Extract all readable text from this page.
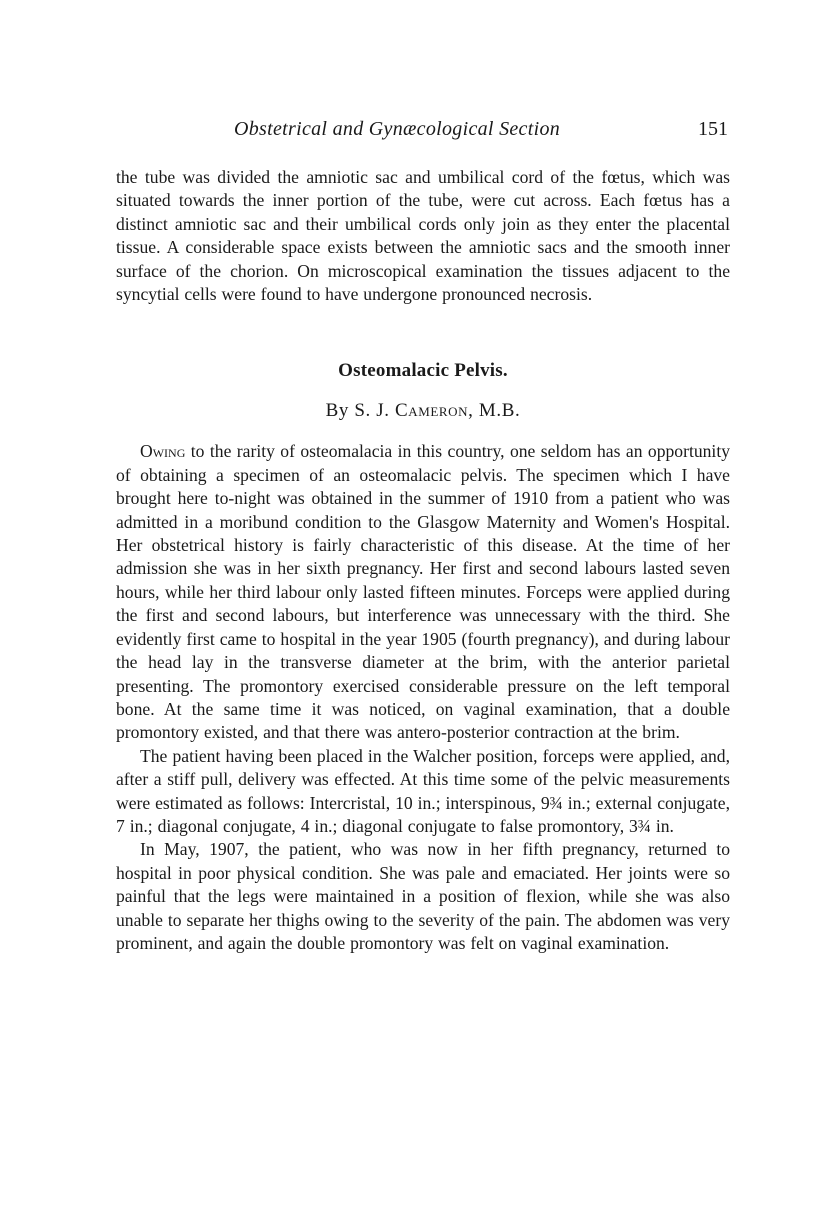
Obstetrical and Gynæcological Section	151

the tube was divided the amniotic sac and umbilical cord of the fœtus, which was situated towards the inner portion of the tube, were cut across. Each fœtus has a distinct amniotic sac and their umbilical cords only join as they enter the placental tissue. A considerable space exists between the amniotic sacs and the smooth inner surface of the chorion. On microscopical examination the tissues adjacent to the syncytial cells were found to have undergone pronounced necrosis.

Osteomalacic Pelvis.
By S. J. Cameron, M.B.

Owing to the rarity of osteomalacia in this country, one seldom has an opportunity of obtaining a specimen of an osteomalacic pelvis. The specimen which I have brought here to-night was obtained in the summer of 1910 from a patient who was admitted in a moribund condition to the Glasgow Maternity and Women's Hospital. Her obstetrical history is fairly characteristic of this disease. At the time of her admission she was in her sixth pregnancy. Her first and second labours lasted seven hours, while her third labour only lasted fifteen minutes. Forceps were applied during the first and second labours, but interference was unnecessary with the third. She evidently first came to hospital in the year 1905 (fourth pregnancy), and during labour the head lay in the transverse diameter at the brim, with the anterior parietal presenting. The promontory exercised considerable pressure on the left temporal bone. At the same time it was noticed, on vaginal examination, that a double promontory existed, and that there was antero-posterior contraction at the brim.

The patient having been placed in the Walcher position, forceps were applied, and, after a stiff pull, delivery was effected. At this time some of the pelvic measurements were estimated as follows: Intercristal, 10 in.; interspinous, 9¾ in.; external conjugate, 7 in.; diagonal conjugate, 4 in.; diagonal conjugate to false promontory, 3¾ in.

In May, 1907, the patient, who was now in her fifth pregnancy, returned to hospital in poor physical condition. She was pale and emaciated. Her joints were so painful that the legs were maintained in a position of flexion, while she was also unable to separate her thighs owing to the severity of the pain. The abdomen was very prominent, and again the double promontory was felt on vaginal examination.
